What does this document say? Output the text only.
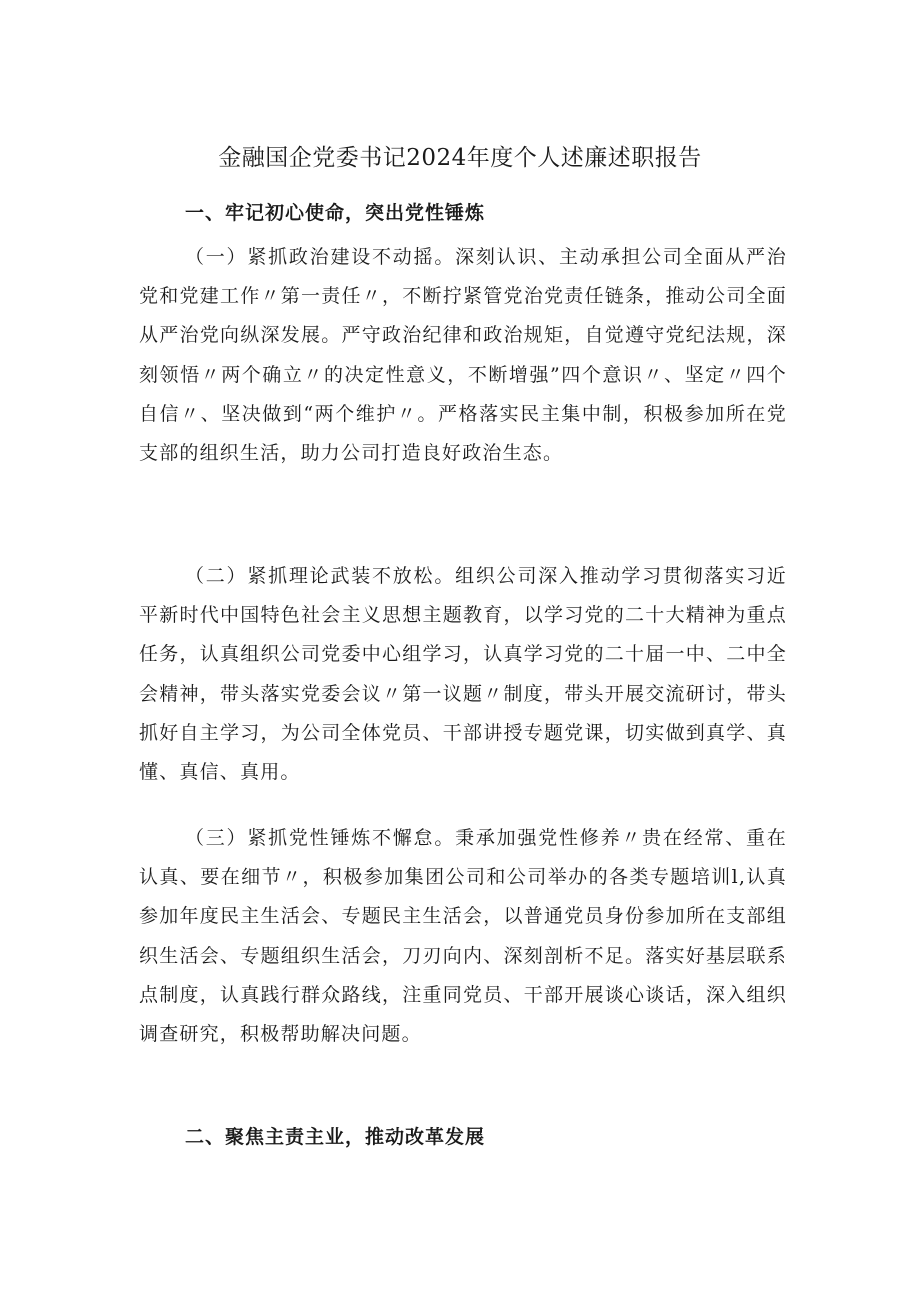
金融国企党委书记2024年度个人述廉述职报告
一、牢记初心使命，突出党性锤炼

（一）紧抓政治建设不动摇。深刻认识、主动承担公司全面从严治党和党建工作〃第一责任〃，不断拧紧管党治党责任链条，推动公司全面从严治党向纵深发展。严守政治纪律和政治规矩，自觉遵守党纪法规，深刻领悟〃两个确立〃的决定性意义，不断增强”四个意识〃、坚定〃四个自信〃、坚决做到“两个维护〃。严格落实民主集中制，积极参加所在党支部的组织生活，助力公司打造良好政治生态。

（二）紧抓理论武装不放松。组织公司深入推动学习贯彻落实习近平新时代中国特色社会主义思想主题教育，以学习党的二十大精神为重点任务，认真组织公司党委中心组学习，认真学习党的二十届一中、二中全会精神，带头落实党委会议〃第一议题〃制度，带头开展交流研讨，带头抓好自主学习，为公司全体党员、干部讲授专题党课，切实做到真学、真懂、真信、真用。

（三）紧抓党性锤炼不懈怠。秉承加强党性修养〃贵在经常、重在认真、要在细节〃，积极参加集团公司和公司举办的各类专题培训l,认真参加年度民主生活会、专题民主生活会，以普通党员身份参加所在支部组织生活会、专题组织生活会，刀刃向内、深刻剖析不足。落实好基层联系点制度，认真践行群众路线，注重同党员、干部开展谈心谈话，深入组织调查研究，积极帮助解决问题。

二、聚焦主责主业，推动改革发展
